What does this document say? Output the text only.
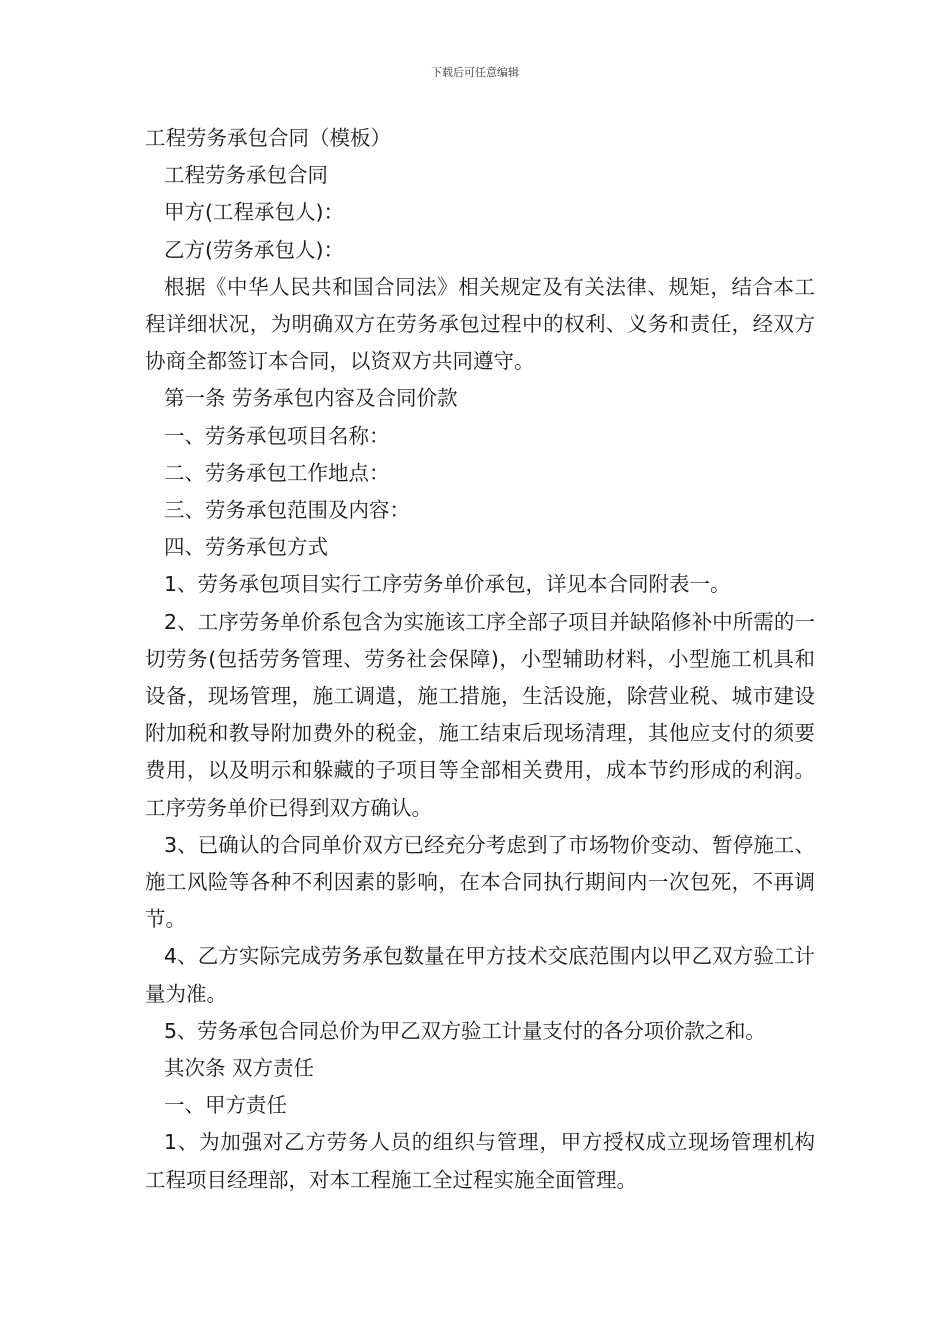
下载后可任意编辑

工程劳务承包合同（模板）

工程劳务承包合同

甲方(工程承包人)：

乙方(劳务承包人)：

根据《中华人民共和国合同法》相关规定及有关法律、规矩，结合本工程详细状况，为明确双方在劳务承包过程中的权利、义务和责任，经双方协商全都签订本合同，以资双方共同遵守。

第一条 劳务承包内容及合同价款

一、劳务承包项目名称：

二、劳务承包工作地点：

三、劳务承包范围及内容：

四、劳务承包方式

1、劳务承包项目实行工序劳务单价承包，详见本合同附表一。

2、工序劳务单价系包含为实施该工序全部子项目并缺陷修补中所需的一切劳务(包括劳务管理、劳务社会保障)，小型辅助材料，小型施工机具和设备，现场管理，施工调遣，施工措施，生活设施，除营业税、城市建设附加税和教导附加费外的税金，施工结束后现场清理，其他应支付的须要费用，以及明示和躲藏的子项目等全部相关费用，成本节约形成的利润。工序劳务单价已得到双方确认。

3、已确认的合同单价双方已经充分考虑到了市场物价变动、暂停施工、施工风险等各种不利因素的影响，在本合同执行期间内一次包死，不再调节。

4、乙方实际完成劳务承包数量在甲方技术交底范围内以甲乙双方验工计量为准。

5、劳务承包合同总价为甲乙双方验工计量支付的各分项价款之和。

其次条 双方责任

一、甲方责任

1、为加强对乙方劳务人员的组织与管理，甲方授权成立现场管理机构 工程项目经理部，对本工程施工全过程实施全面管理。
